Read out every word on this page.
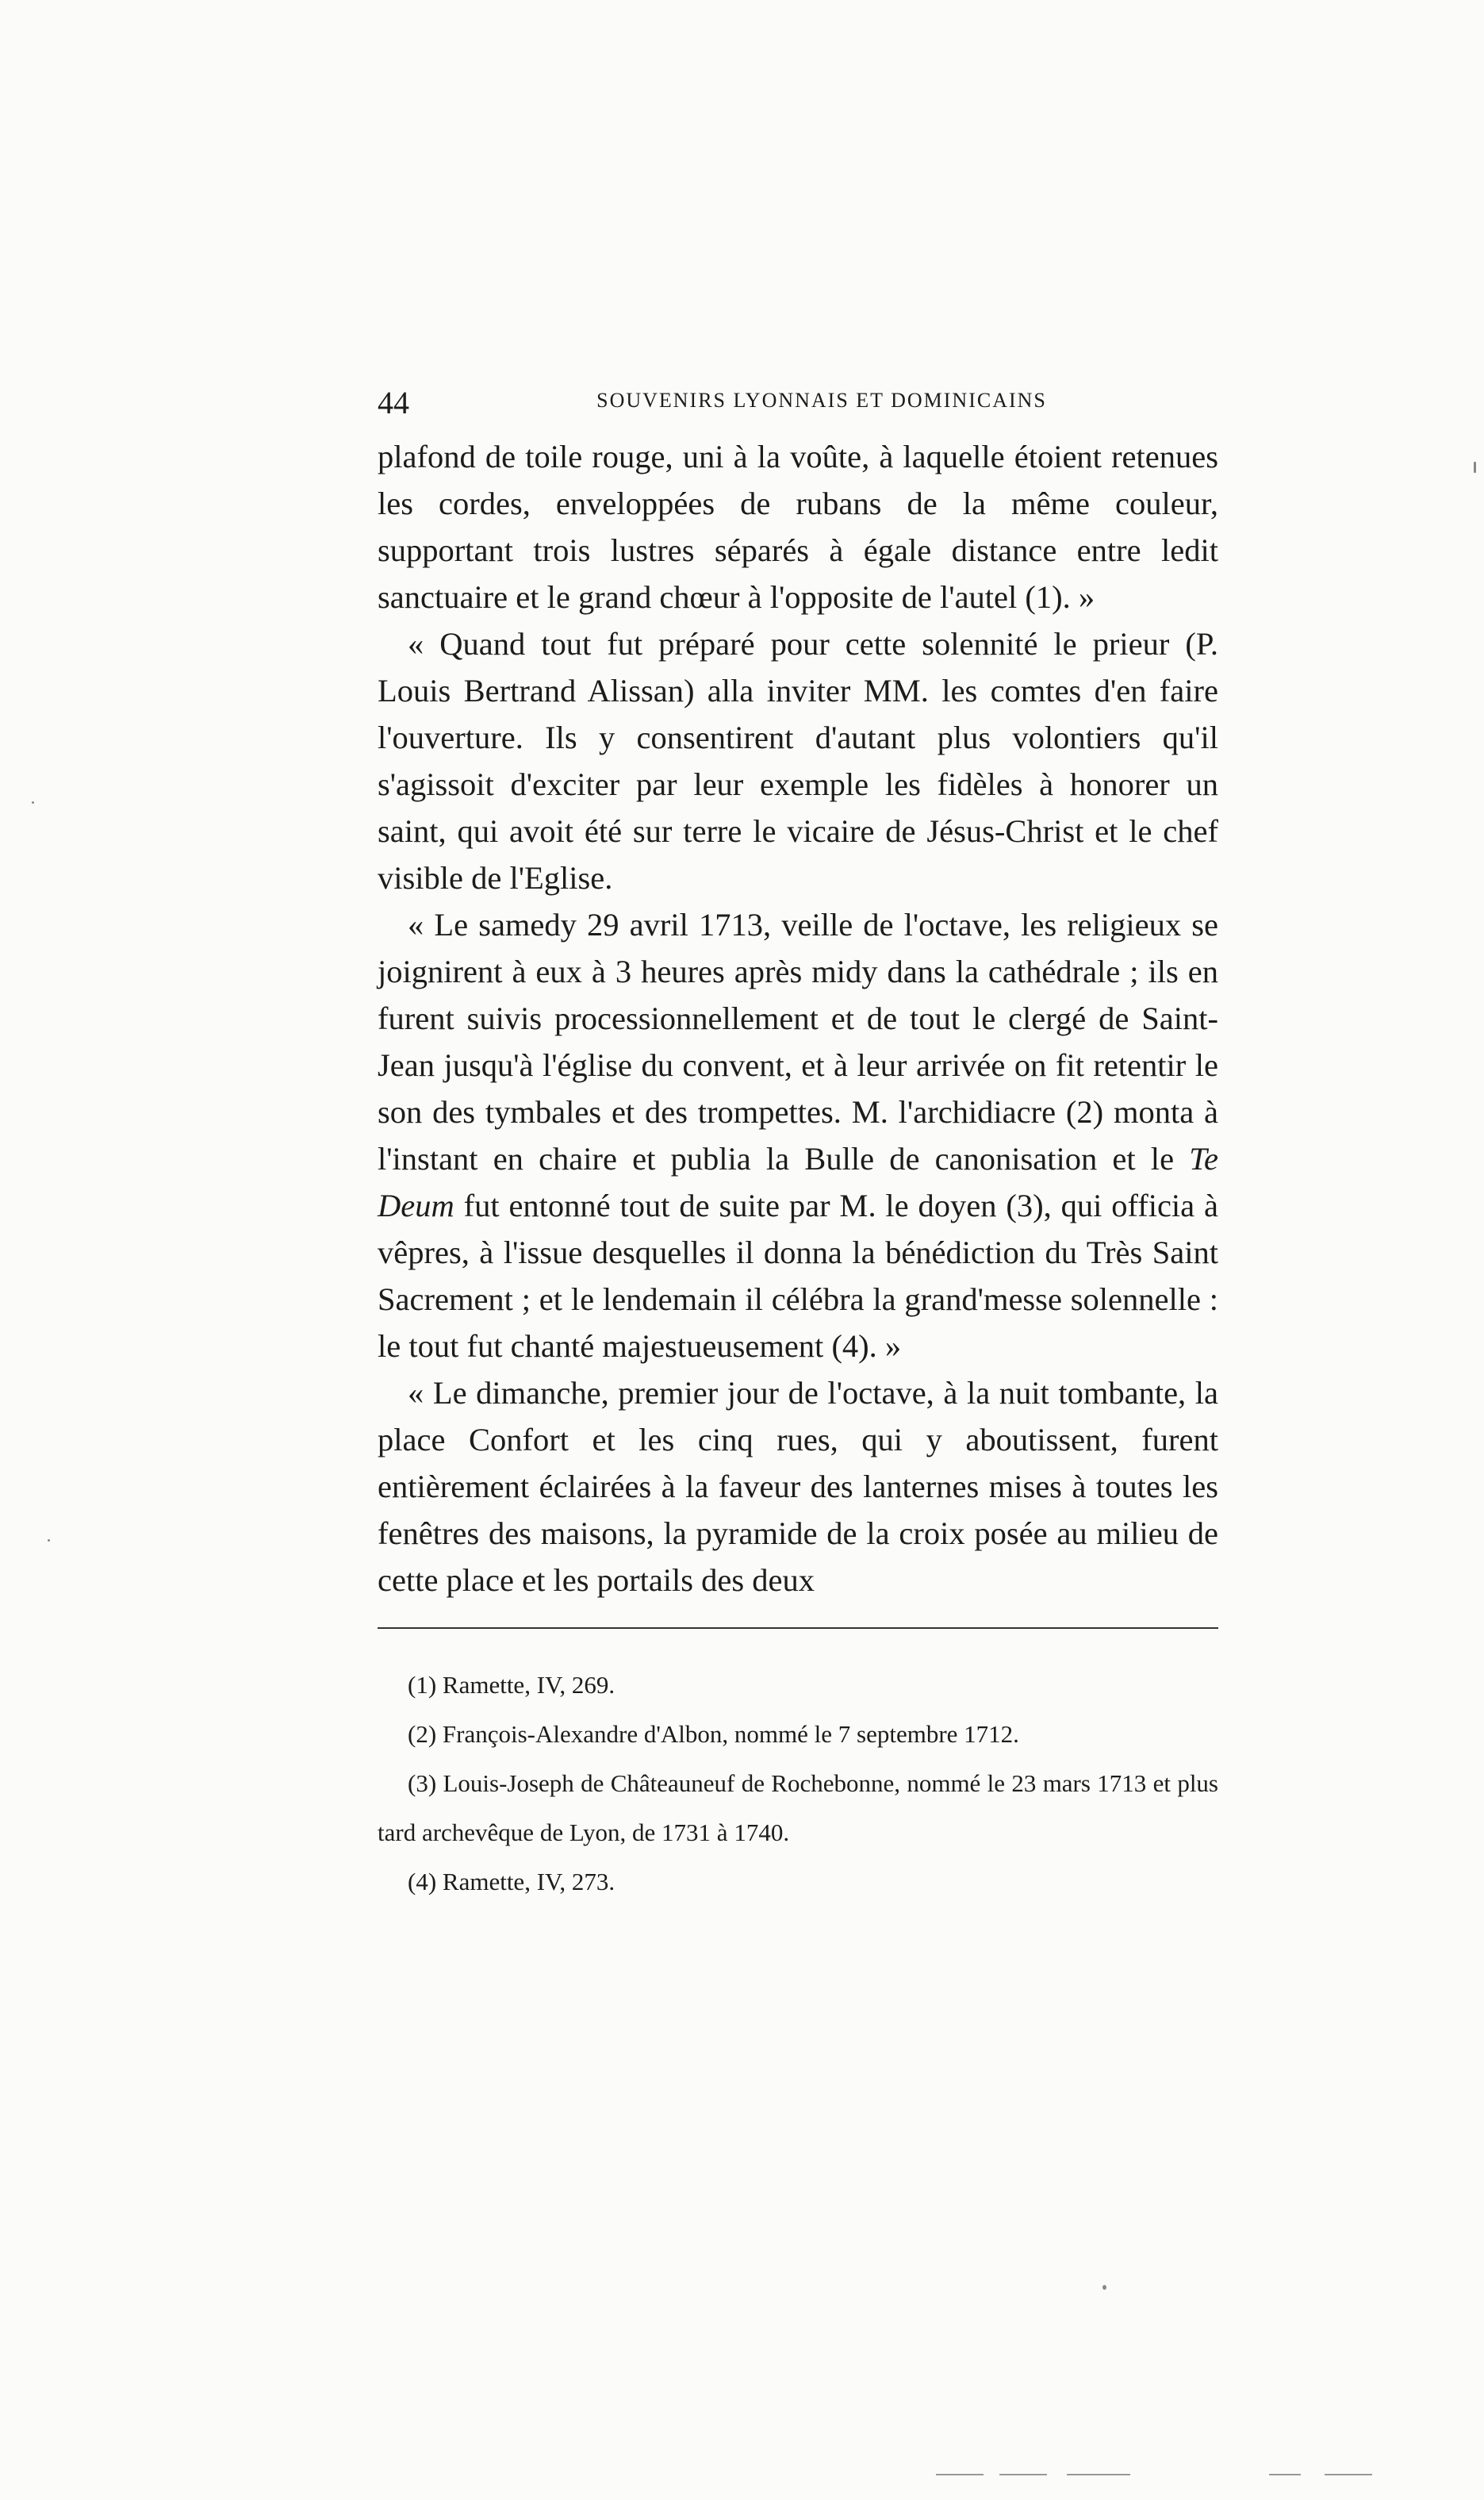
44	SOUVENIRS LYONNAIS ET DOMINICAINS

plafond de toile rouge, uni à la voûte, à laquelle étoient retenues les cordes, enveloppées de rubans de la même couleur, supportant trois lustres séparés à égale distance entre ledit sanctuaire et le grand chœur à l'opposite de l'autel (1). »

« Quand tout fut préparé pour cette solennité le prieur (P. Louis Bertrand Alissan) alla inviter MM. les comtes d'en faire l'ouverture. Ils y consentirent d'autant plus volontiers qu'il s'agissoit d'exciter par leur exemple les fidèles à honorer un saint, qui avoit été sur terre le vicaire de Jésus-Christ et le chef visible de l'Eglise.

« Le samedy 29 avril 1713, veille de l'octave, les religieux se joignirent à eux à 3 heures après midy dans la cathédrale ; ils en furent suivis processionnellement et de tout le clergé de Saint-Jean jusqu'à l'église du convent, et à leur arrivée on fit retentir le son des tymbales et des trompettes. M. l'archidiacre (2) monta à l'instant en chaire et publia la Bulle de canonisation et le Te Deum fut entonné tout de suite par M. le doyen (3), qui officia à vêpres, à l'issue desquelles il donna la bénédiction du Très Saint Sacrement ; et le lendemain il célébra la grand'messe solennelle : le tout fut chanté majestueusement (4). »

« Le dimanche, premier jour de l'octave, à la nuit tombante, la place Confort et les cinq rues, qui y aboutissent, furent entièrement éclairées à la faveur des lanternes mises à toutes les fenêtres des maisons, la pyramide de la croix posée au milieu de cette place et les portails des deux

(1) Ramette, IV, 269.

(2) François-Alexandre d'Albon, nommé le 7 septembre 1712.

(3) Louis-Joseph de Châteauneuf de Rochebonne, nommé le 23 mars 1713 et plus tard archevêque de Lyon, de 1731 à 1740.

(4) Ramette, IV, 273.
